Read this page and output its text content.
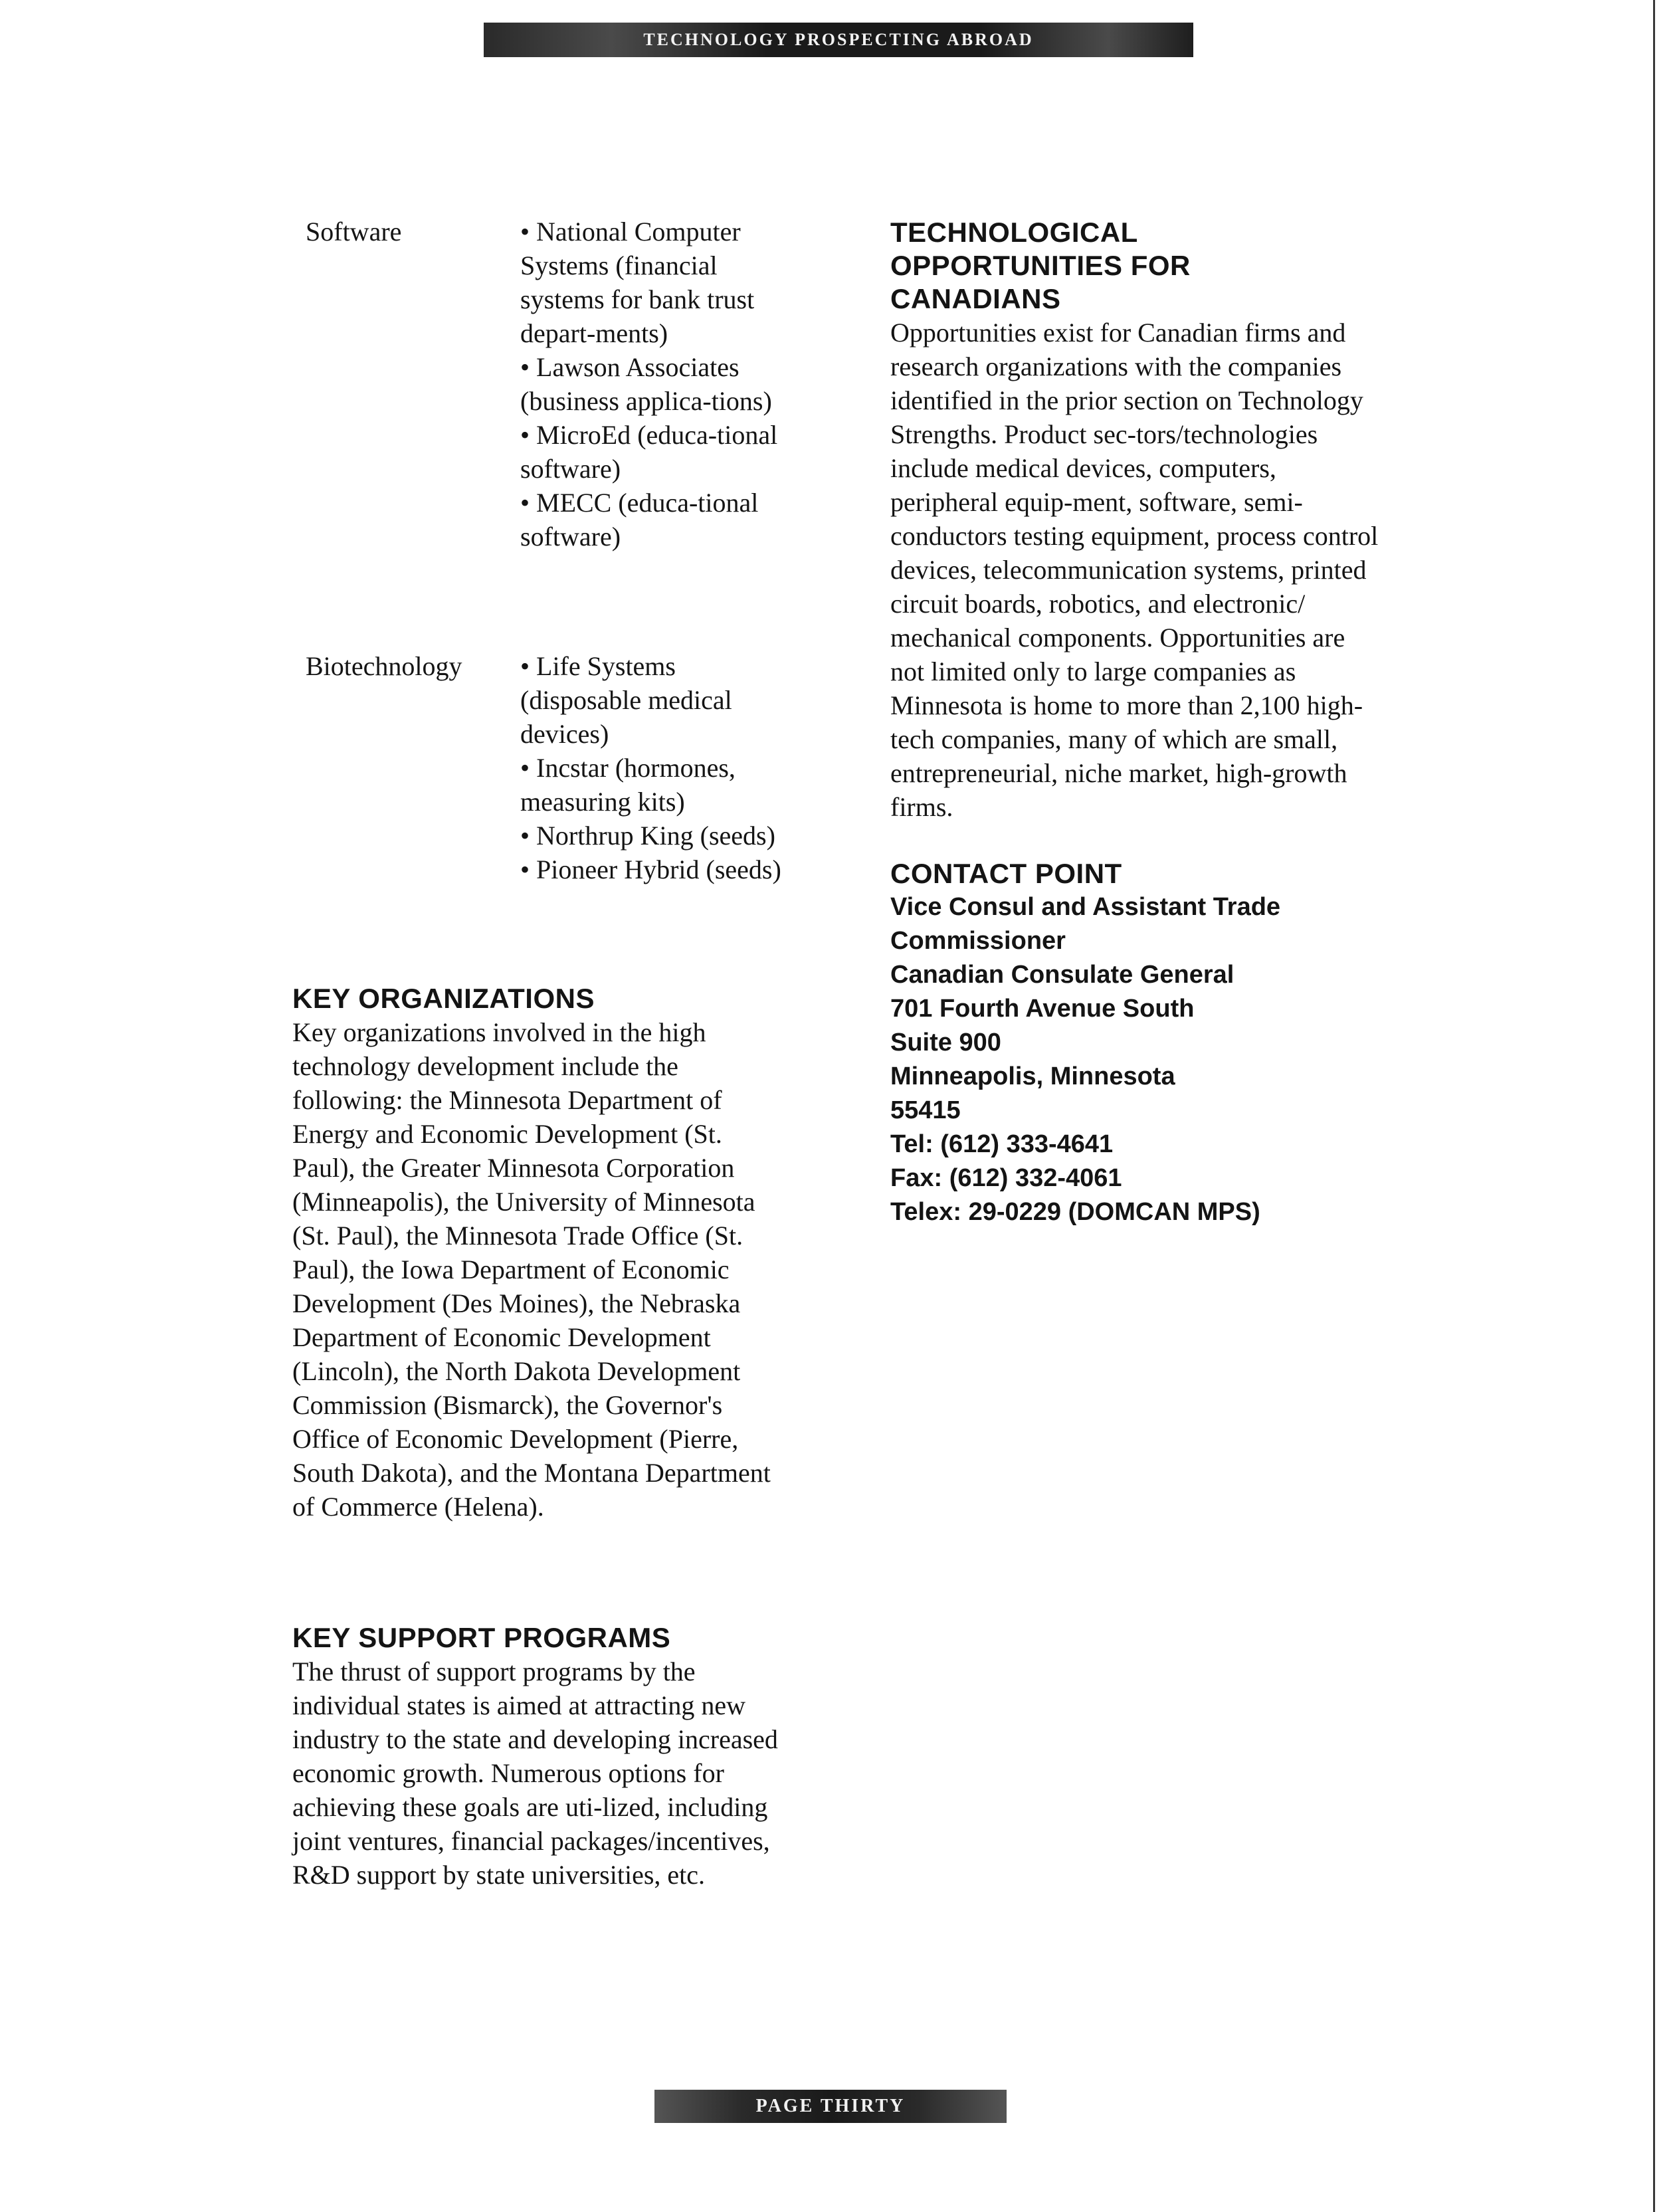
TECHNOLOGY PROSPECTING ABROAD
Software	• National Computer Systems (financial systems for bank trust depart-ments)
• Lawson Associates (business applica-tions)
• MicroEd (educa-tional software)
• MECC (educa-tional software)
Biotechnology • Life Systems (disposable medical devices)
• Incstar (hormones, measuring kits)
• Northrup King (seeds)
• Pioneer Hybrid (seeds)
KEY ORGANIZATIONS

Key organizations involved in the high technology development include the following: the Minnesota Department of Energy and Economic Development (St. Paul), the Greater Minnesota Corporation (Minneapolis), the University of Minnesota (St. Paul), the Minnesota Trade Office (St. Paul), the Iowa Department of Economic Development (Des Moines), the Nebraska Department of Economic Development (Lincoln), the North Dakota Development Commission (Bismarck), the Governor's Office of Economic Development (Pierre, South Dakota), and the Montana Department of Commerce (Helena).

KEY SUPPORT PROGRAMS

The thrust of support programs by the individual states is aimed at attracting new industry to the state and developing increased economic growth. Numerous options for achieving these goals are uti-lized, including joint ventures, financial packages/incentives, R&D support by state universities, etc.

TECHNOLOGICAL OPPORTUNITIES FOR CANADIANS

Opportunities exist for Canadian firms and research organizations with the companies identified in the prior section on Technology Strengths. Product sec-tors/technologies include medical devices, computers, peripheral equip-ment, software, semi-conductors testing equipment, process control devices, telecommunication systems, printed circuit boards, robotics, and electronic/ mechanical components. Opportunities are not limited only to large companies as Minnesota is home to more than 2,100 high-tech companies, many of which are small, entrepreneurial, niche market, high-growth firms.

CONTACT POINT
Vice Consul and Assistant Trade Commissioner
Canadian Consulate General
701 Fourth Avenue South
Suite 900
Minneapolis, Minnesota
55415
Tel: (612) 333-4641
Fax: (612) 332-4061
Telex: 29-0229 (DOMCAN MPS)
PAGE THIRTY
